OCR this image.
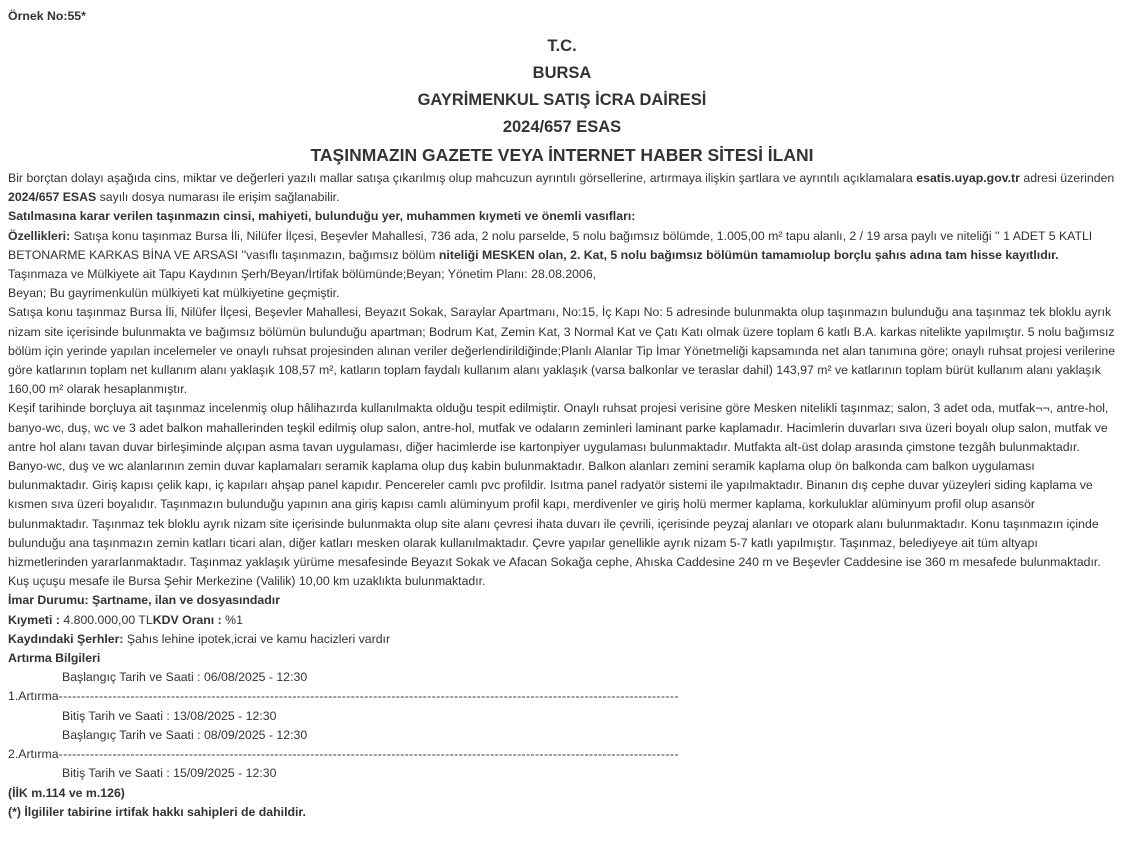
Örnek No:55*
T.C.
BURSA
GAYRİMENKUL SATIŞ İCRA DAİRESİ
2024/657 ESAS
TAŞINMAZIN GAZETE VEYA İNTERNET HABER SİTESİ İLANI

Bir borçtan dolayı aşağıda cins, miktar ve değerleri yazılı mallar satışa çıkarılmış olup mahcuzun ayrıntılı görsellerine, artırmaya ilişkin şartlara ve ayrıntılı açıklamalara esatis.uyap.gov.tr adresi üzerinden 2024/657 ESAS sayılı dosya numarası ile erişim sağlanabilir.

Satılmasına karar verilen taşınmazın cinsi, mahiyeti, bulunduğu yer, muhammen kıymeti ve önemli vasıfları:

Özellikleri: Satışa konu taşınmaz Bursa İli, Nilüfer İlçesi, Beşevler Mahallesi, 736 ada, 2 nolu parselde, 5 nolu bağımsız bölümde, 1.005,00 m² tapu alanlı, 2 / 19 arsa paylı ve niteliği '' 1 ADET 5 KATLI BETONARME KARKAS BİNA VE ARSASI ''vasıflı taşınmazın, bağımsız bölüm niteliği MESKEN olan, 2. Kat, 5 nolu bağımsız bölümün tamamıolup borçlu şahıs adına tam hisse kayıtlıdır.

Taşınmaza ve Mülkiyete ait Tapu Kaydının Şerh/Beyan/İrtifak bölümünde;Beyan; Yönetim Planı: 28.08.2006,

Beyan; Bu gayrimenkulün mülkiyeti kat mülkiyetine geçmiştir.

Satışa konu taşınmaz Bursa İli, Nilüfer İlçesi, Beşevler Mahallesi, Beyazıt Sokak, Saraylar Apartmanı, No:15, İç Kapı No: 5 adresinde bulunmakta olup taşınmazın bulunduğu ana taşınmaz tek bloklu ayrık nizam site içerisinde bulunmakta ve bağımsız bölümün bulunduğu apartman; Bodrum Kat, Zemin Kat, 3 Normal Kat ve Çatı Katı olmak üzere toplam 6 katlı B.A. karkas nitelikte yapılmıştır. 5 nolu bağımsız bölüm için yerinde yapılan incelemeler ve onaylı ruhsat projesinden alınan veriler değerlendirildiğinde;Planlı Alanlar Tip İmar Yönetmeliği kapsamında net alan tanımına göre; onaylı ruhsat projesi verilerine göre katlarının toplam net kullanım alanı yaklaşık 108,57 m², katların toplam faydalı kullanım alanı yaklaşık (varsa balkonlar ve teraslar dahil) 143,97 m² ve katlarının toplam bürüt kullanım alanı yaklaşık 160,00 m² olarak hesaplanmıştır.

Keşif tarihinde borçluya ait taşınmaz incelenmiş olup hâlihazırda kullanılmakta olduğu tespit edilmiştir. Onaylı ruhsat projesi verisine göre Mesken nitelikli taşınmaz; salon, 3 adet oda, mutfak¬¬, antre-hol, banyo-wc, duş, wc ve 3 adet balkon mahallerinden teşkil edilmiş olup salon, antre-hol, mutfak ve odaların zeminleri laminant parke kaplamadır. Hacimlerin duvarları sıva üzeri boyalı olup salon, mutfak ve antre hol alanı tavan duvar birleşiminde alçıpan asma tavan uygulaması, diğer hacimlerde ise kartonpiyer uygulaması bulunmaktadır. Mutfakta alt-üst dolap arasında çimstone tezgâh bulunmaktadır. Banyo-wc, duş ve wc alanlarının zemin duvar kaplamaları seramik kaplama olup duş kabin bulunmaktadır. Balkon alanları zemini seramik kaplama olup ön balkonda cam balkon uygulaması bulunmaktadır. Giriş kapısı çelik kapı, iç kapıları ahşap panel kapıdır. Pencereler camlı pvc profildir. Isıtma panel radyatör sistemi ile yapılmaktadır. Binanın dış cephe duvar yüzeyleri siding kaplama ve kısmen sıva üzeri boyalıdır. Taşınmazın bulunduğu yapının ana giriş kapısı camlı alüminyum profil kapı, merdivenler ve giriş holü mermer kaplama, korkuluklar alüminyum profil olup asansör bulunmaktadır. Taşınmaz tek bloklu ayrık nizam site içerisinde bulunmakta olup site alanı çevresi ihata duvarı ile çevrili, içerisinde peyzaj alanları ve otopark alanı bulunmaktadır. Konu taşınmazın içinde bulunduğu ana taşınmazın zemin katları ticari alan, diğer katları mesken olarak kullanılmaktadır. Çevre yapılar genellikle ayrık nizam 5-7 katlı yapılmıştır. Taşınmaz, belediyeye ait tüm altyapı hizmetlerinden yararlanmaktadır. Taşınmaz yaklaşık yürüme mesafesinde Beyazıt Sokak ve Afacan Sokağa cephe, Ahıska Caddesine 240 m ve Beşevler Caddesine ise 360 m mesafede bulunmaktadır. Kuş uçuşu mesafe ile Bursa Şehir Merkezine (Valilik) 10,00 km uzaklıkta bulunmaktadır.

İmar Durumu: Şartname, ilan ve dosyasındadır

Kıymeti : 4.800.000,00 TLKDV Oranı : %1

Kaydındaki Şerhler: Şahıs lehine ipotek,icrai ve kamu hacizleri vardır

Artırma Bilgileri

Başlangıç Tarih ve Saati : 06/08/2025 - 12:30

1.Artırma ------------------------------------------------------------------------------------------------------------------------------------------

Bitiş Tarih ve Saati : 13/08/2025 - 12:30

Başlangıç Tarih ve Saati : 08/09/2025 - 12:30

2.Artırma ------------------------------------------------------------------------------------------------------------------------------------------

Bitiş Tarih ve Saati : 15/09/2025 - 12:30

(İİK m.114 ve m.126)

(*) İlgililer tabirine irtifak hakkı sahipleri de dahildir.
